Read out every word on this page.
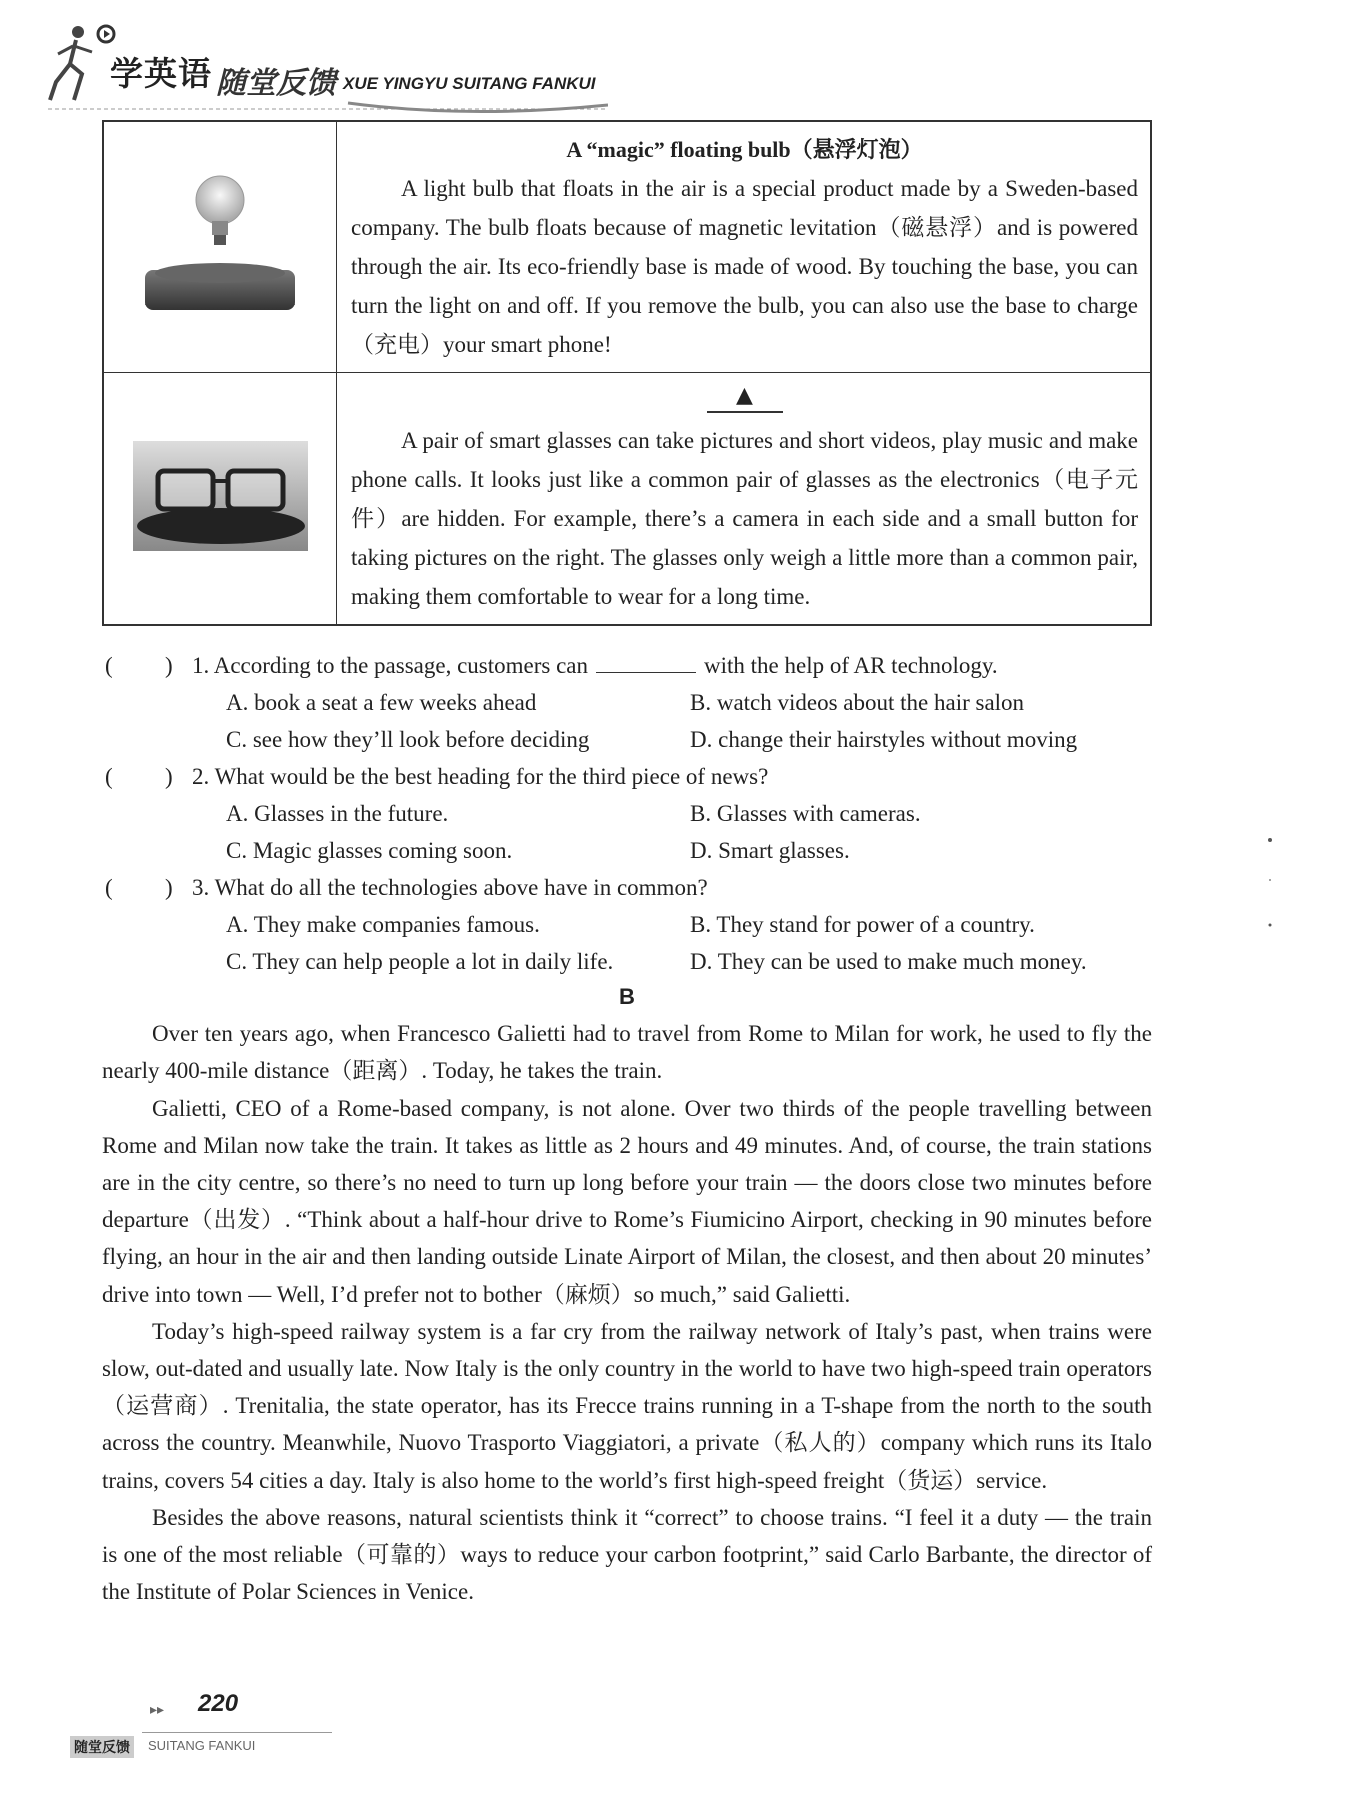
学英语 随堂反馈 XUE YINGYU SUITANG FANKUI

A “magic” floating bulb（悬浮灯泡）

A light bulb that floats in the air is a special product made by a Sweden-based company. The bulb floats because of magnetic levitation（磁悬浮）and is powered through the air. Its eco-friendly base is made of wood. By touching the base, you can turn the light on and off. If you remove the bulb, you can also use the base to charge（充电）your smart phone!

▲

A pair of smart glasses can take pictures and short videos, play music and make phone calls. It looks just like a common pair of glasses as the electronics（电子元件）are hidden. For example, there’s a camera in each side and a small button for taking pictures on the right. The glasses only weigh a little more than a common pair, making them comfortable to wear for a long time.

( ) 1. According to the passage, customers can	with the help of AR technology.
A. book a seat a few weeks ahead	B. watch videos about the hair salon
C. see how they’ll look before deciding	D. change their hairstyles without moving
( ) 2. What would be the best heading for the third piece of news?
A. Glasses in the future.	B. Glasses with cameras.
C. Magic glasses coming soon.	D. Smart glasses.
( ) 3. What do all the technologies above have in common?
A. They make companies famous.	B. They stand for power of a country.
C. They can help people a lot in daily life.	D. They can be used to make much money.
B

Over ten years ago, when Francesco Galietti had to travel from Rome to Milan for work, he used to fly the nearly 400-mile distance（距离）. Today, he takes the train.

Galietti, CEO of a Rome-based company, is not alone. Over two thirds of the people travelling between Rome and Milan now take the train. It takes as little as 2 hours and 49 minutes. And, of course, the train stations are in the city centre, so there’s no need to turn up long before your train — the doors close two minutes before departure（出发）. “Think about a half-hour drive to Rome’s Fiumicino Airport, checking in 90 minutes before flying, an hour in the air and then landing outside Linate Airport of Milan, the closest, and then about 20 minutes’ drive into town — Well, I’d prefer not to bother（麻烦）so much,” said Galietti.

Today’s high-speed railway system is a far cry from the railway network of Italy’s past, when trains were slow, out-dated and usually late. Now Italy is the only country in the world to have two high-speed train operators（运营商）. Trenitalia, the state operator, has its Frecce trains running in a T-shape from the north to the south across the country. Meanwhile, Nuovo Trasporto Viaggiatori, a private（私人的）company which runs its Italo trains, covers 54 cities a day. Italy is also home to the world’s first high-speed freight（货运）service.

Besides the above reasons, natural scientists think it “correct” to choose trains. “I feel it a duty — the train is one of the most reliable（可靠的）ways to reduce your carbon footprint,” said Carlo Barbante, the director of the Institute of Polar Sciences in Venice.

▸▸ 220
随堂反馈	SUITANG FANKUI
